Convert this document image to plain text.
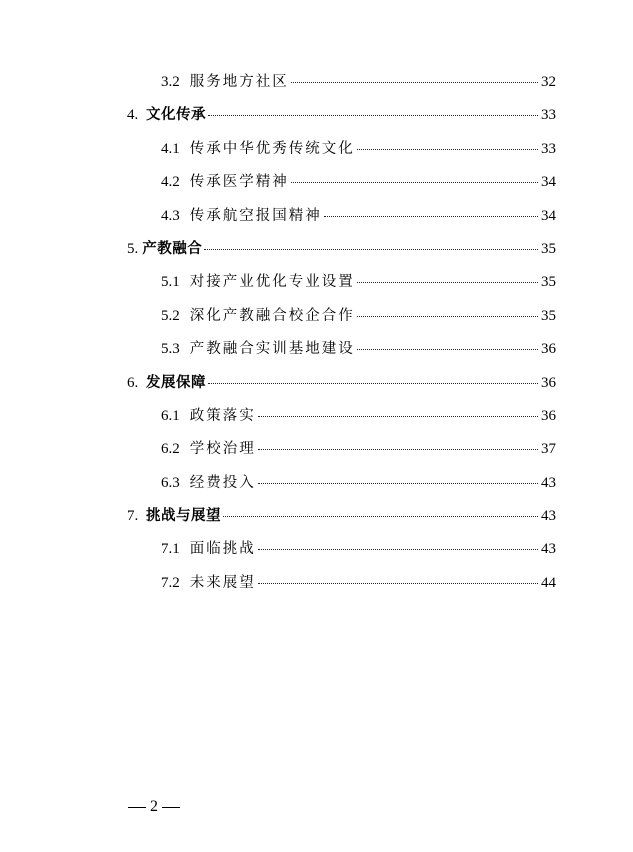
3.2 服务地方社区	32
4. 文化传承	33
4.1 传承中华优秀传统文化	33
4.2 传承医学精神	34
4.3 传承航空报国精神	34
5. 产教融合	35
5.1 对接产业优化专业设置	35
5.2 深化产教融合校企合作	35
5.3 产教融合实训基地建设	36
6. 发展保障	36
6.1 政策落实	36
6.2 学校治理	37
6.3 经费投入	43
7. 挑战与展望	43
7.1 面临挑战	43
7.2 未来展望	44
2
